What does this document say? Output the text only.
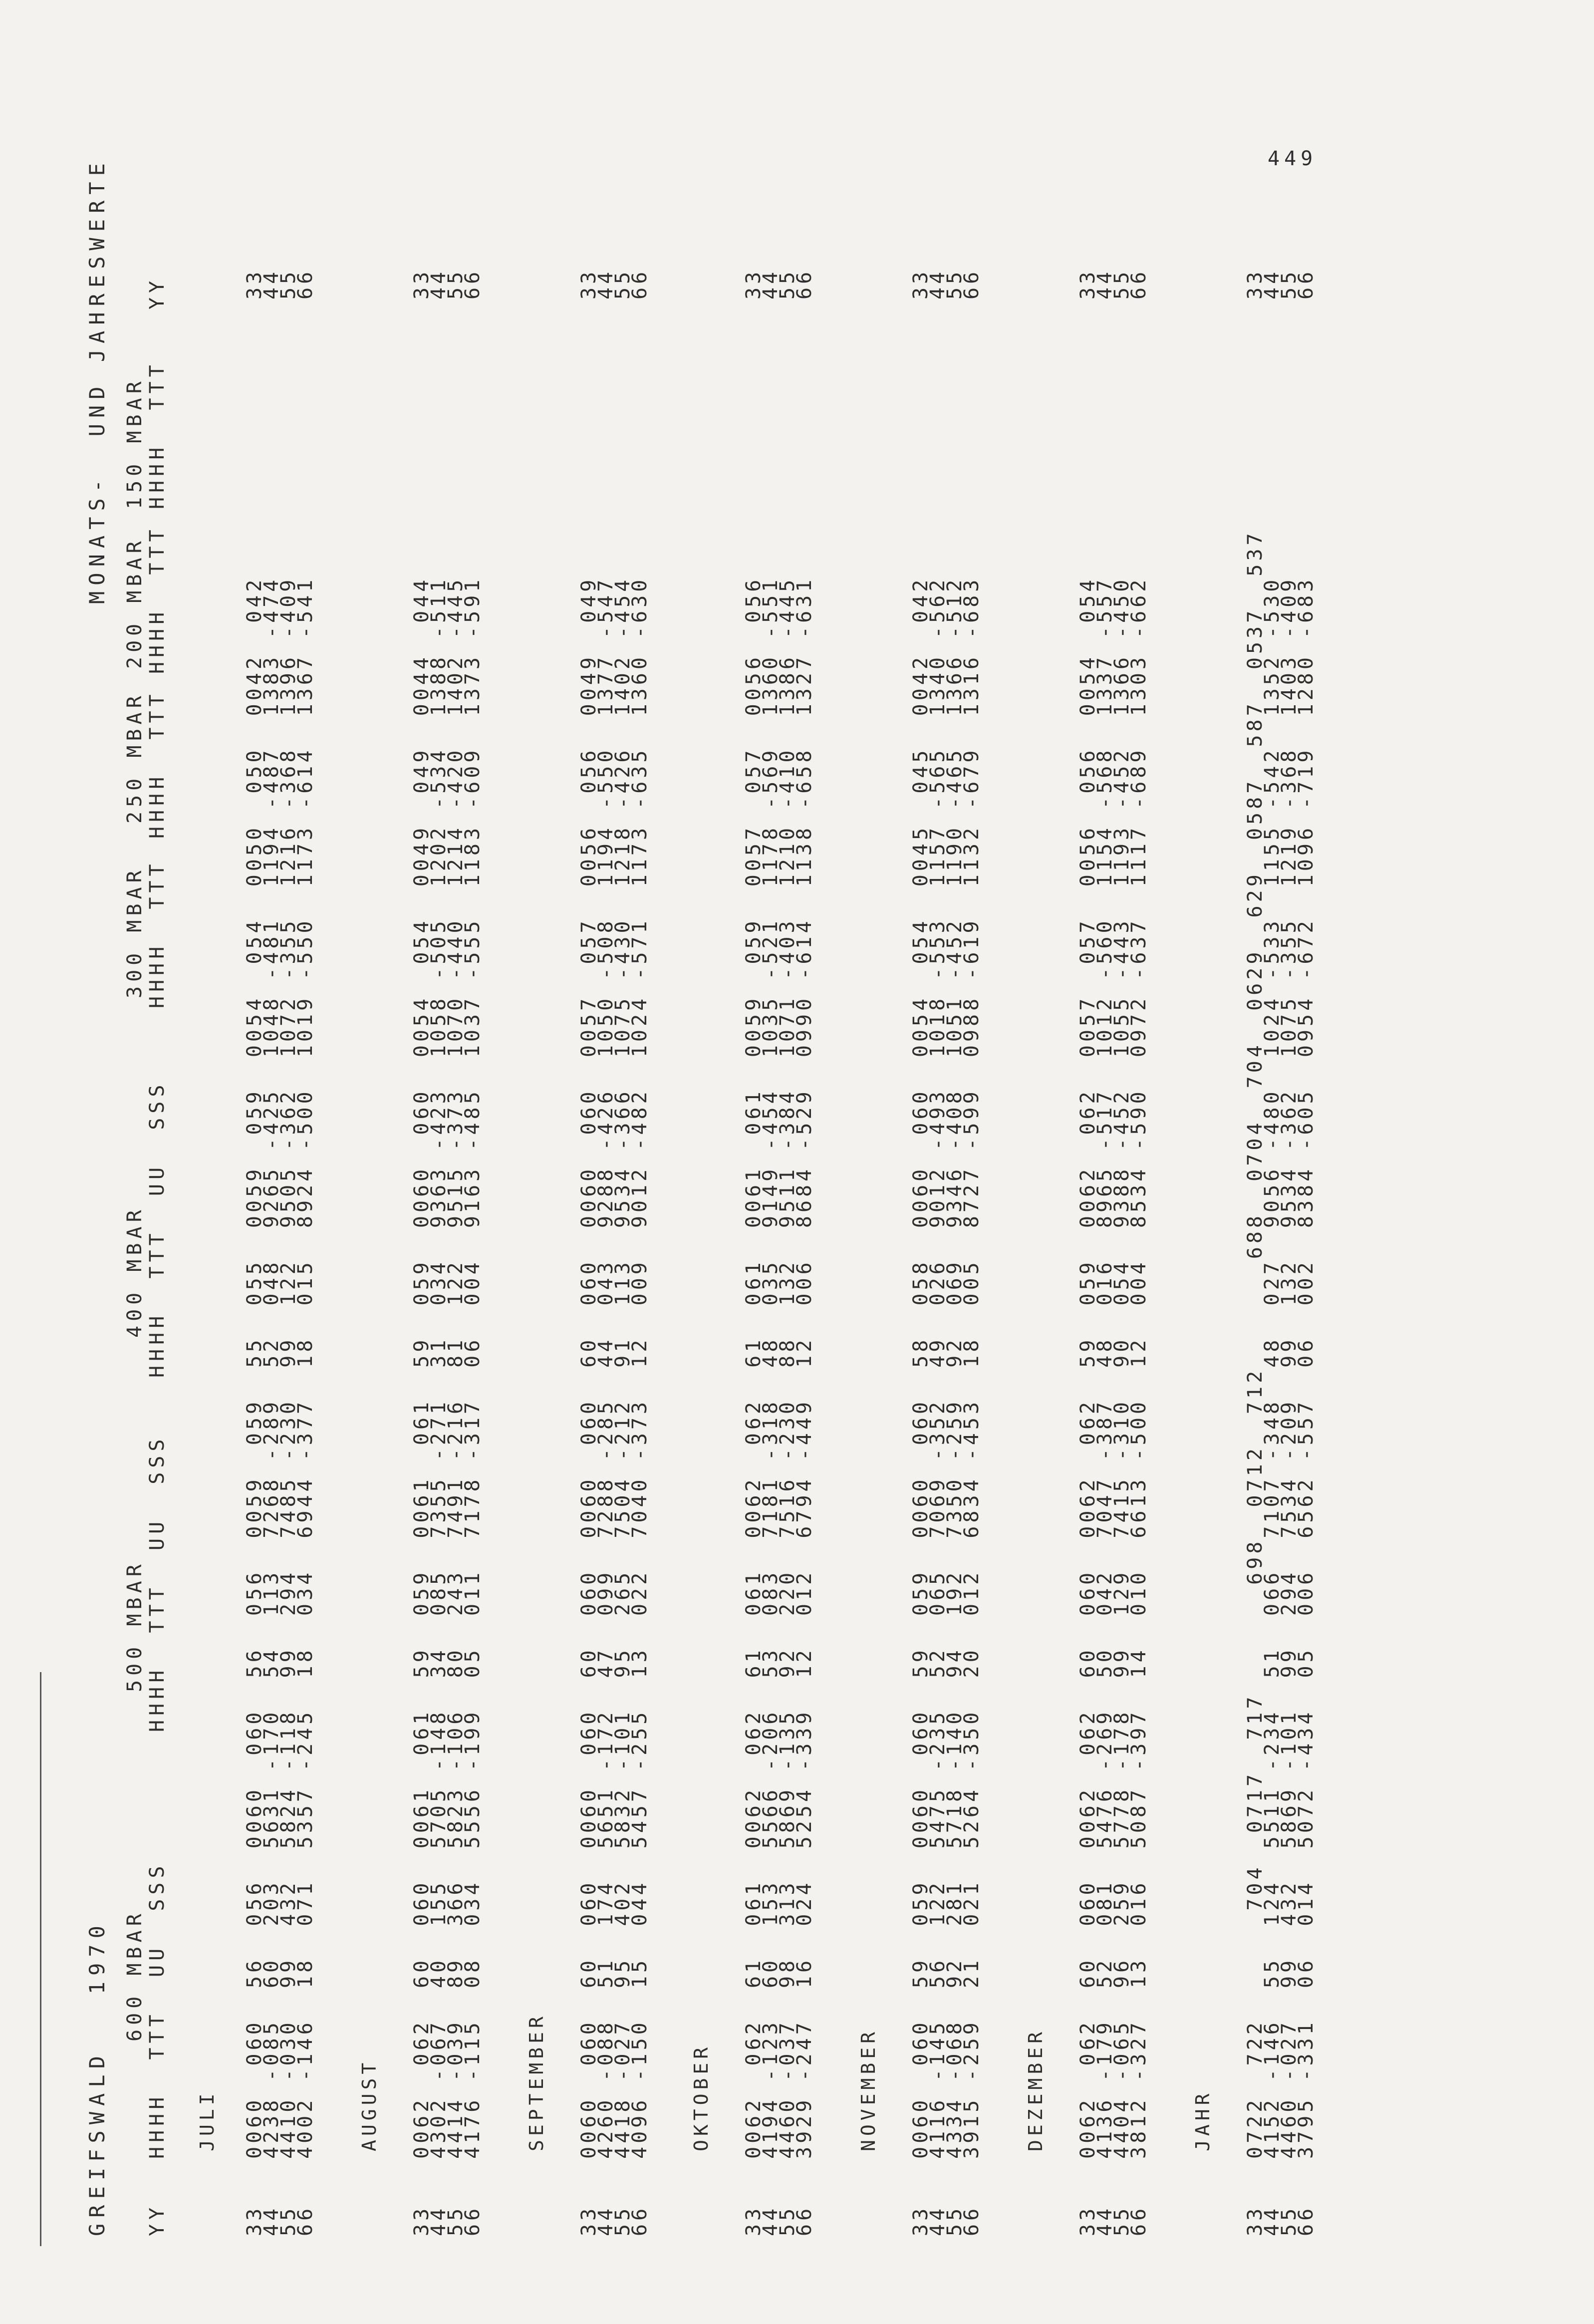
449
GREIFSWALD   1970
MONATS-  UND JAHRESWERTE
YY
600 MBAR HHHH  TTT  UU  SSS
500 MBAR HHHH  TTT  UU  SSS
400 MBAR HHHH  TTT  UU  SSS
300 MBAR HHHH  TTT
250 MBAR HHHH  TTT
200 MBAR HHHH  TTT
150 MBAR HHHH  TTT
YY
JULI
33
44
55
66
0060  060  56  056  0060  060  56  056  0059  059  55  055  0059  059  0054  054  0050  050  0042  042
4238 -085  60  203  5631 -170  54  113  7268 -289  52  048  9265 -425  1048 -481  1194 -487  1383 -474
4410 -030  99  432  5824 -118  99  294  7485 -230  99  122  9505 -362  1072 -355  1216 -368  1396 -409
4002 -146  18  071  5357 -245  18  034  6944 -377  18  015  8924 -500  1019 -550  1173 -614  1367 -541
33
44
55
66
AUGUST
33
44
55
66
0062  062  60  060  0061  061  59  059  0061  061  59  059  0060  060  0054  054  0049  049  0044  044
4302 -067  40  155  5705 -148  34  085  7355 -271  31  034  9363 -423  1058 -505  1202 -534  1388 -511
4414 -039  89  366  5823 -106  80  243  7491 -216  81  122  9515 -373  1070 -440  1214 -420  1402 -445
4176 -115  08  034  5556 -199  05  011  7178 -317  06  004  9163 -485  1037 -555  1183 -609  1373 -591
33
44
55
66
SEPTEMBER
33
44
55
66
0060  060  60  060  0060  060  60  060  0060  060  60  060  0060  060  0057  057  0056  056  0049  049
4260 -088  51  174  5651 -172  47  099  7288 -285  44  043  9288 -426  1050 -508  1194 -550  1377 -547
4418 -027  95  402  5832 -101  95  265  7504 -212  91  113  9534 -366  1075 -430  1218 -426  1402 -454
4096 -150  15  044  5457 -255  13  022  7040 -373  12  009  9012 -482  1024 -571  1173 -635  1360 -630
33
44
55
66
OKTOBER
33
44
55
66
0062  062  61  061  0062  062  61  061  0062  062  61  061  0061  061  0059  059  0057  057  0056  056
4194 -123  60  153  5566 -206  53  083  7181 -318  48  035  9149 -454  1035 -521  1178 -569  1360 -551
4460 -037  98  313  5869 -135  92  220  7516 -230  88  132  9511 -384  1071 -403  1210 -410  1386 -445
3929 -247  16  024  5254 -339  12  012  6794 -449  12  006  8684 -529  0990 -614  1138 -658  1327 -631
33
44
55
66
NOVEMBER
33
44
55
66
0060  060  59  059  0060  060  59  059  0060  060  58  058  0060  060  0054  054  0045  045  0042  042
4116 -145  56  122  5475 -235  52  065  7069 -352  49  026  9012 -493  1018 -553  1157 -565  1340 -562
4334 -068  92  281  5718 -140  94  192  7350 -259  92  069  9346 -408  1051 -452  1190 -465  1366 -512
3915 -259  21  021  5264 -350  20  012  6834 -453  18  005  8727 -599  0988 -619  1132 -679  1316 -683
33
44
55
66
DEZEMBER
33
44
55
66
0062  062  60  060  0062  062  60  060  0062  062  59  059  0062  062  0057  057  0056  056  0054  054
4136 -179  52  081  5476 -269  50  042  7047 -387  48  016  8965 -517  1012 -560  1154 -568  1337 -557
4404 -065  96  259  5778 -178  99  129  7415 -310  90  054  9388 -452  1055 -443  1193 -452  1366 -450
3812 -327  13  016  5087 -397  14  010  6613 -500  12  004  8534 -590  0972 -637  1117 -689  1303 -662
33
44
55
66
JAHR
33
44
55
66
0722  722       704  0717  717       698  0712  712       688  0704  704  0629  629  0587  587  0537  537
4152 -146  55  124  5511 -234  51  066  7107 -348  48  027  9056 -480  1024 -533  1155 -542  1352 -530
4460 -027  99  432  5869 -101  99  294  7534 -209  99  132  9534 -362  1075 -355  1219 -368  1403 -409
3795 -331  06  014  5072 -434  05  006  6562 -557  06  002  8384 -605  0954 -672  1096 -719  1280 -683
33
44
55
66
